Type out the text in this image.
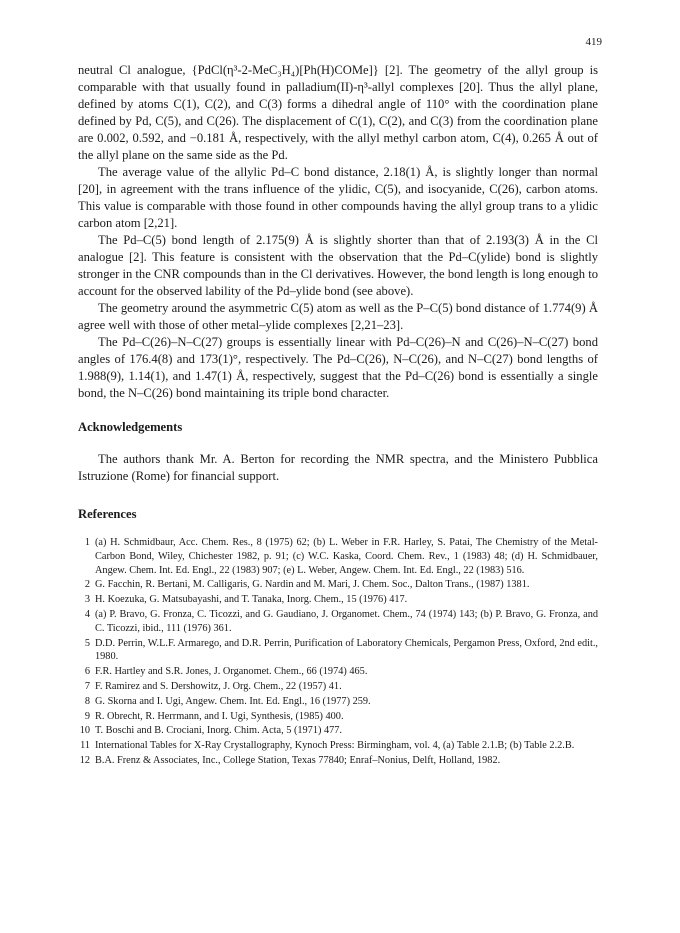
419

neutral Cl analogue, {PdCl(η³-2-MeC₃H₄)[Ph(H)COMe]} [2]. The geometry of the allyl group is comparable with that usually found in palladium(II)-η³-allyl complexes [20]. Thus the allyl plane, defined by atoms C(1), C(2), and C(3) forms a dihedral angle of 110° with the coordination plane defined by Pd, C(5), and C(26). The displacement of C(1), C(2), and C(3) from the coordination plane are 0.002, 0.592, and −0.181 Å, respectively, with the allyl methyl carbon atom, C(4), 0.265 Å out of the allyl plane on the same side as the Pd.

The average value of the allylic Pd–C bond distance, 2.18(1) Å, is slightly longer than normal [20], in agreement with the trans influence of the ylidic, C(5), and isocyanide, C(26), carbon atoms. This value is comparable with those found in other compounds having the allyl group trans to a ylidic carbon atom [2,21].

The Pd–C(5) bond length of 2.175(9) Å is slightly shorter than that of 2.193(3) Å in the Cl analogue [2]. This feature is consistent with the observation that the Pd–C(ylide) bond is slightly stronger in the CNR compounds than in the Cl derivatives. However, the bond length is long enough to account for the observed lability of the Pd–ylide bond (see above).

The geometry around the asymmetric C(5) atom as well as the P–C(5) bond distance of 1.774(9) Å agree well with those of other metal–ylide complexes [2,21–23].

The Pd–C(26)–N–C(27) groups is essentially linear with Pd–C(26)–N and C(26)–N–C(27) bond angles of 176.4(8) and 173(1)°, respectively. The Pd–C(26), N–C(26), and N–C(27) bond lengths of 1.988(9), 1.14(1), and 1.47(1) Å, respectively, suggest that the Pd–C(26) bond is essentially a single bond, the N–C(26) bond maintaining its triple bond character.

Acknowledgements

The authors thank Mr. A. Berton for recording the NMR spectra, and the Ministero Pubblica Istruzione (Rome) for financial support.

References
1 (a) H. Schmidbaur, Acc. Chem. Res., 8 (1975) 62; (b) L. Weber in F.R. Harley, S. Patai, The Chemistry of the Metal-Carbon Bond, Wiley, Chichester 1982, p. 91; (c) W.C. Kaska, Coord. Chem. Rev., 1 (1983) 48; (d) H. Schmidbauer, Angew. Chem. Int. Ed. Engl., 22 (1983) 907; (e) L. Weber, Angew. Chem. Int. Ed. Engl., 22 (1983) 516.
2 G. Facchin, R. Bertani, M. Calligaris, G. Nardin and M. Mari, J. Chem. Soc., Dalton Trans., (1987) 1381.
3 H. Koezuka, G. Matsubayashi, and T. Tanaka, Inorg. Chem., 15 (1976) 417.
4 (a) P. Bravo, G. Fronza, C. Ticozzi, and G. Gaudiano, J. Organomet. Chem., 74 (1974) 143; (b) P. Bravo, G. Fronza, and C. Ticozzi, ibid., 111 (1976) 361.
5 D.D. Perrin, W.L.F. Armarego, and D.R. Perrin, Purification of Laboratory Chemicals, Pergamon Press, Oxford, 2nd edit., 1980.
6 F.R. Hartley and S.R. Jones, J. Organomet. Chem., 66 (1974) 465.
7 F. Ramirez and S. Dershowitz, J. Org. Chem., 22 (1957) 41.
8 G. Skorna and I. Ugi, Angew. Chem. Int. Ed. Engl., 16 (1977) 259.
9 R. Obrecht, R. Herrmann, and I. Ugi, Synthesis, (1985) 400.
10 T. Boschi and B. Crociani, Inorg. Chim. Acta, 5 (1971) 477.
11 International Tables for X-Ray Crystallography, Kynoch Press: Birmingham, vol. 4, (a) Table 2.1.B; (b) Table 2.2.B.
12 B.A. Frenz & Associates, Inc., College Station, Texas 77840; Enraf–Nonius, Delft, Holland, 1982.
